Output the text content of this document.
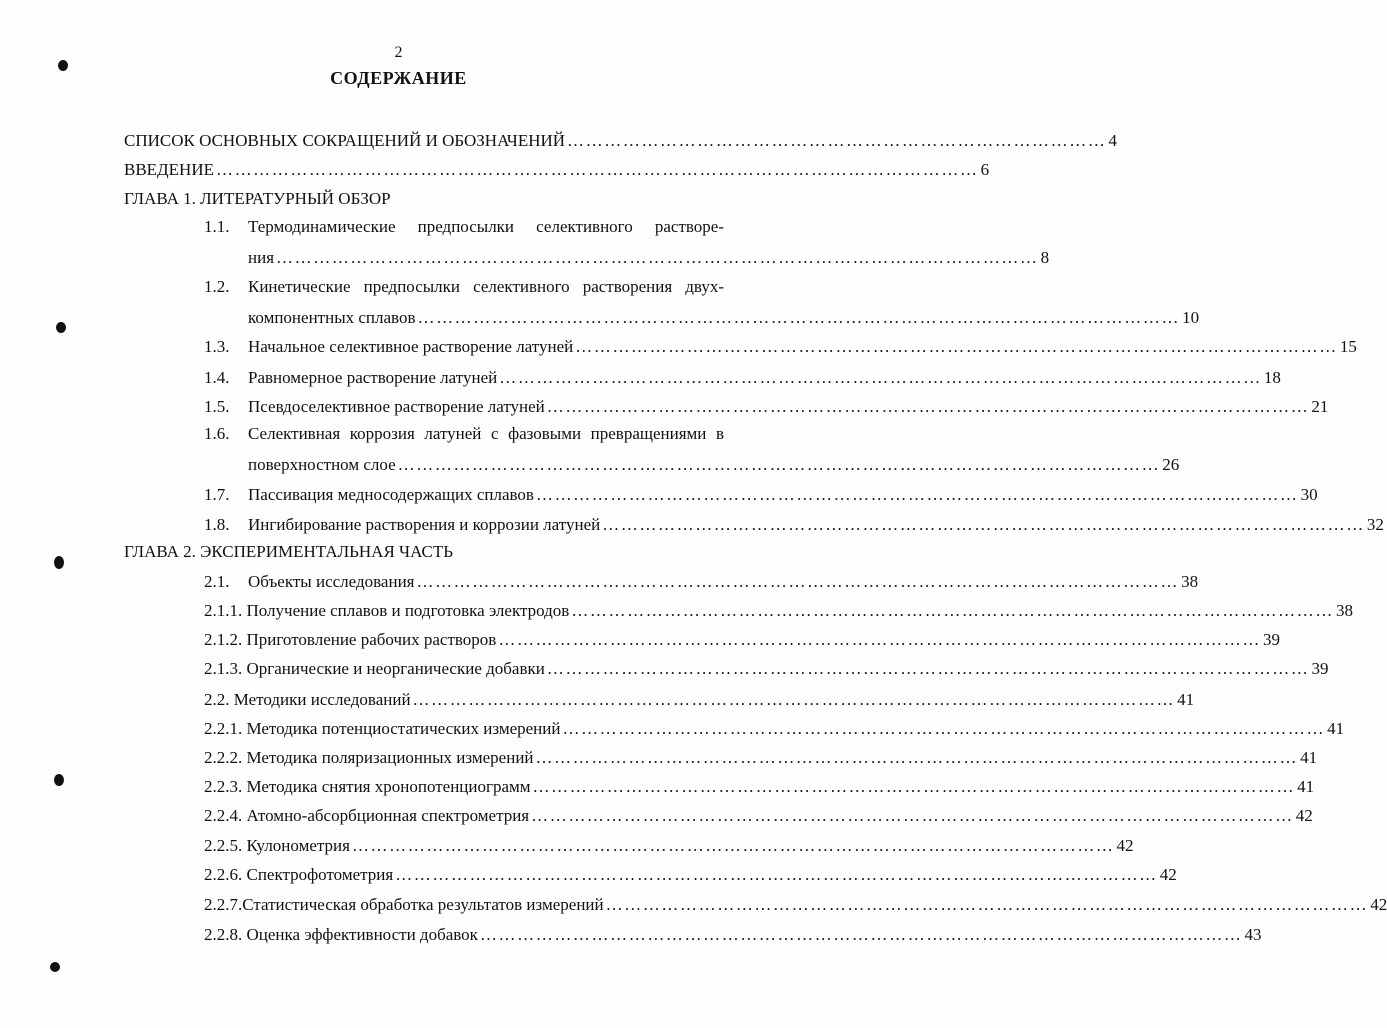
2
СОДЕРЖАНИЕ
СПИСОК ОСНОВНЫХ СОКРАЩЕНИЙ И ОБОЗНАЧЕНИЙ …………………………………………………………………………… 4
ВВЕДЕНИЕ …………………………………………………………………………………………………………… 6
ГЛАВА 1. ЛИТЕРАТУРНЫЙ ОБЗОР
1.1. Термодинамические предпосылки селективного растворе-
ния …………………………………………………………………………………………………………… 8
1.2. Кинетические предпосылки селективного растворения двух-
компонентных сплавов …………………………………………………………………………………………………………… 10
1.3.	Начальное селективное растворение латуней …………………………………………………………………………………………………………… 15
1.4.	Равномерное растворение латуней …………………………………………………………………………………………………………… 18
1.5.	Псевдоселективное растворение латуней …………………………………………………………………………………………………………… 21
1.6. Селективная коррозия латуней с фазовыми превращениями в
поверхностном слое …………………………………………………………………………………………………………… 26
1.7.	Пассивация медносодержащих сплавов …………………………………………………………………………………………………………… 30
1.8.	Ингибирование растворения и коррозии латуней …………………………………………………………………………………………………………… 32
ГЛАВА 2. ЭКСПЕРИМЕНТАЛЬНАЯ ЧАСТЬ
2.1.	Объекты исследования …………………………………………………………………………………………………………… 38
2.1.1. Получение сплавов и подготовка электродов …………………………………………………………………………………………………………… 38
2.1.2. Приготовление рабочих растворов …………………………………………………………………………………………………………… 39
2.1.3. Органические и неорганические добавки …………………………………………………………………………………………………………… 39
2.2. Методики исследований …………………………………………………………………………………………………………… 41
2.2.1. Методика потенциостатических измерений …………………………………………………………………………………………………………… 41
2.2.2. Методика поляризационных измерений …………………………………………………………………………………………………………… 41
2.2.3. Методика снятия хронопотенциограмм …………………………………………………………………………………………………………… 41
2.2.4. Атомно-абсорбционная спектрометрия …………………………………………………………………………………………………………… 42
2.2.5. Кулонометрия …………………………………………………………………………………………………………… 42
2.2.6. Спектрофотометрия …………………………………………………………………………………………………………… 42
2.2.7.Статистическая обработка результатов измерений …………………………………………………………………………………………………………… 42
2.2.8. Оценка эффективности добавок …………………………………………………………………………………………………………… 43
